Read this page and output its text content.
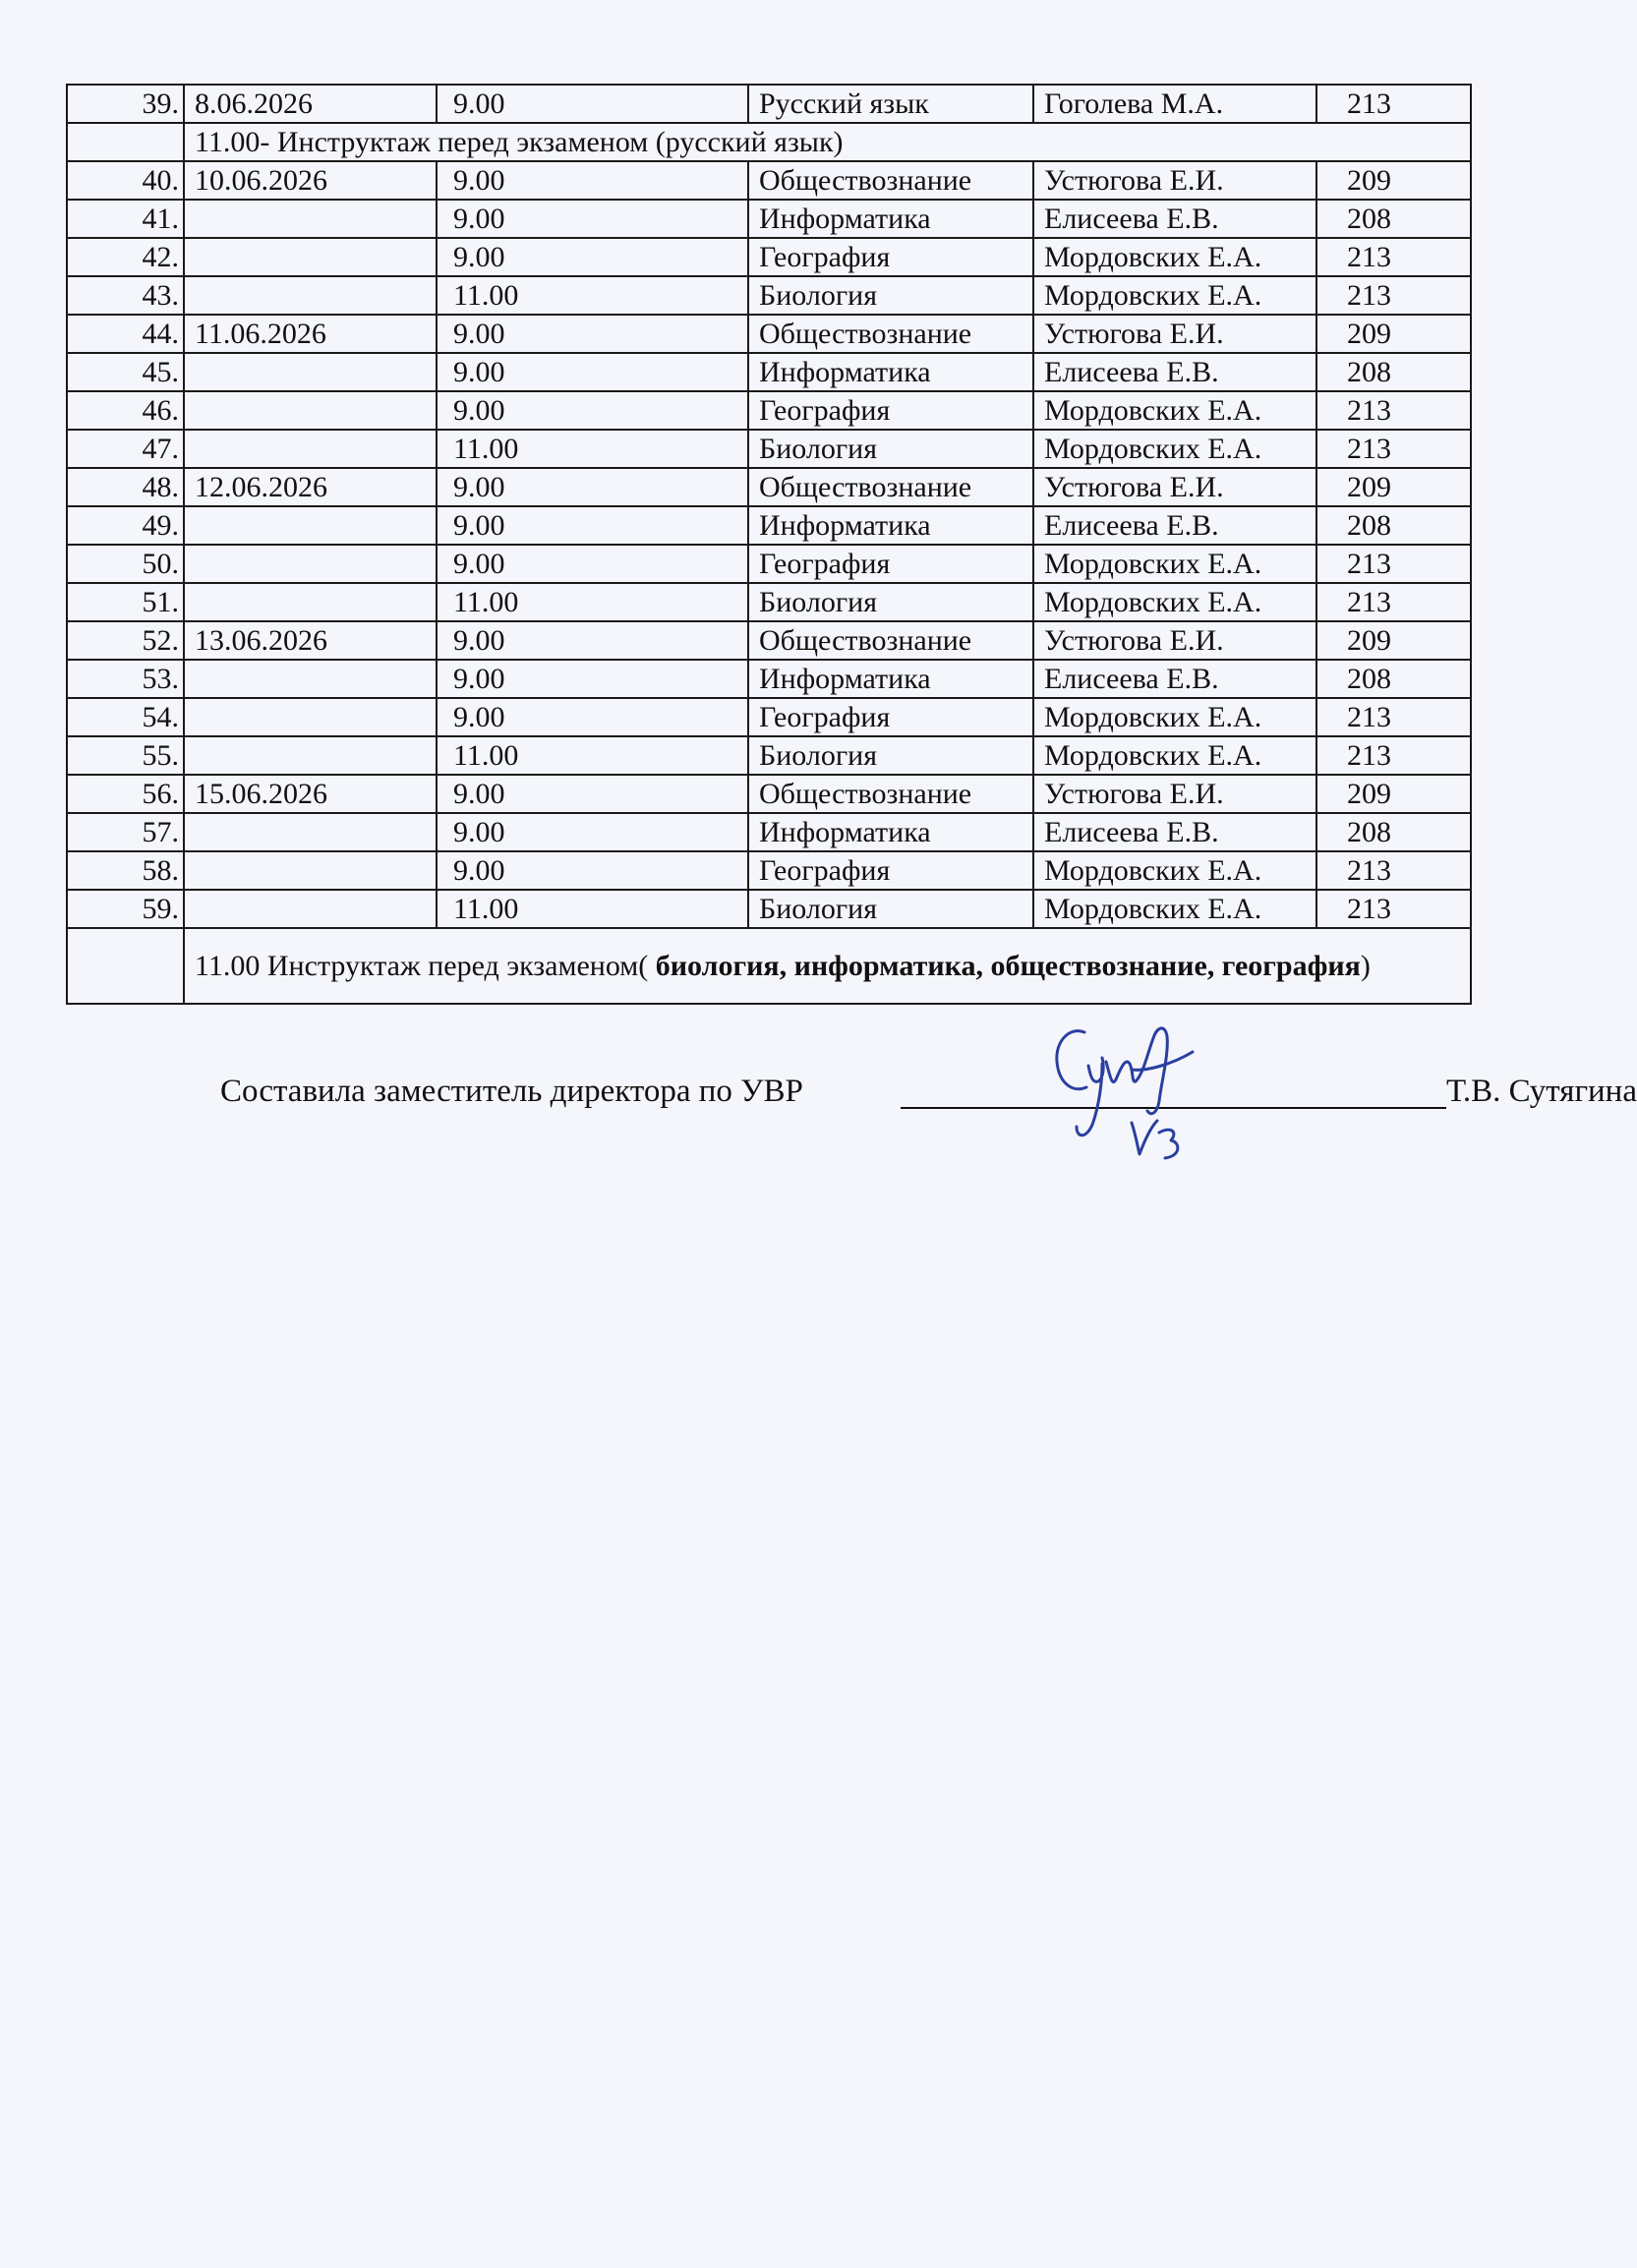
39.	8.06.2026	9.00	Русский язык	Гоголева М.А.	213
	11.00- Инструктаж перед экзаменом (русский язык)				
40.	10.06.2026	9.00	Обществознание	Устюгова Е.И.	209
41.		9.00	Информатика	Елисеева Е.В.	208
42.		9.00	География	Мордовских Е.А.	213
43.		11.00	Биология	Мордовских Е.А.	213
44.	11.06.2026	9.00	Обществознание	Устюгова Е.И.	209
45.		9.00	Информатика	Елисеева Е.В.	208
46.		9.00	География	Мордовских Е.А.	213
47.		11.00	Биология	Мордовских Е.А.	213
48.	12.06.2026	9.00	Обществознание	Устюгова Е.И.	209
49.		9.00	Информатика	Елисеева Е.В.	208
50.		9.00	География	Мордовских Е.А.	213
51.		11.00	Биология	Мордовских Е.А.	213
52.	13.06.2026	9.00	Обществознание	Устюгова Е.И.	209
53.		9.00	Информатика	Елисеева Е.В.	208
54.		9.00	География	Мордовских Е.А.	213
55.		11.00	Биология	Мордовских Е.А.	213
56.	15.06.2026	9.00	Обществознание	Устюгова Е.И.	209
57.		9.00	Информатика	Елисеева Е.В.	208
58.		9.00	География	Мордовских Е.А.	213
59.		11.00	Биология	Мордовских Е.А.	213
	11.00 Инструктаж перед экзаменом( биология, информатика, обществознание, география)				
Составила заместитель директора по УВР	Т.В. Сутягина
